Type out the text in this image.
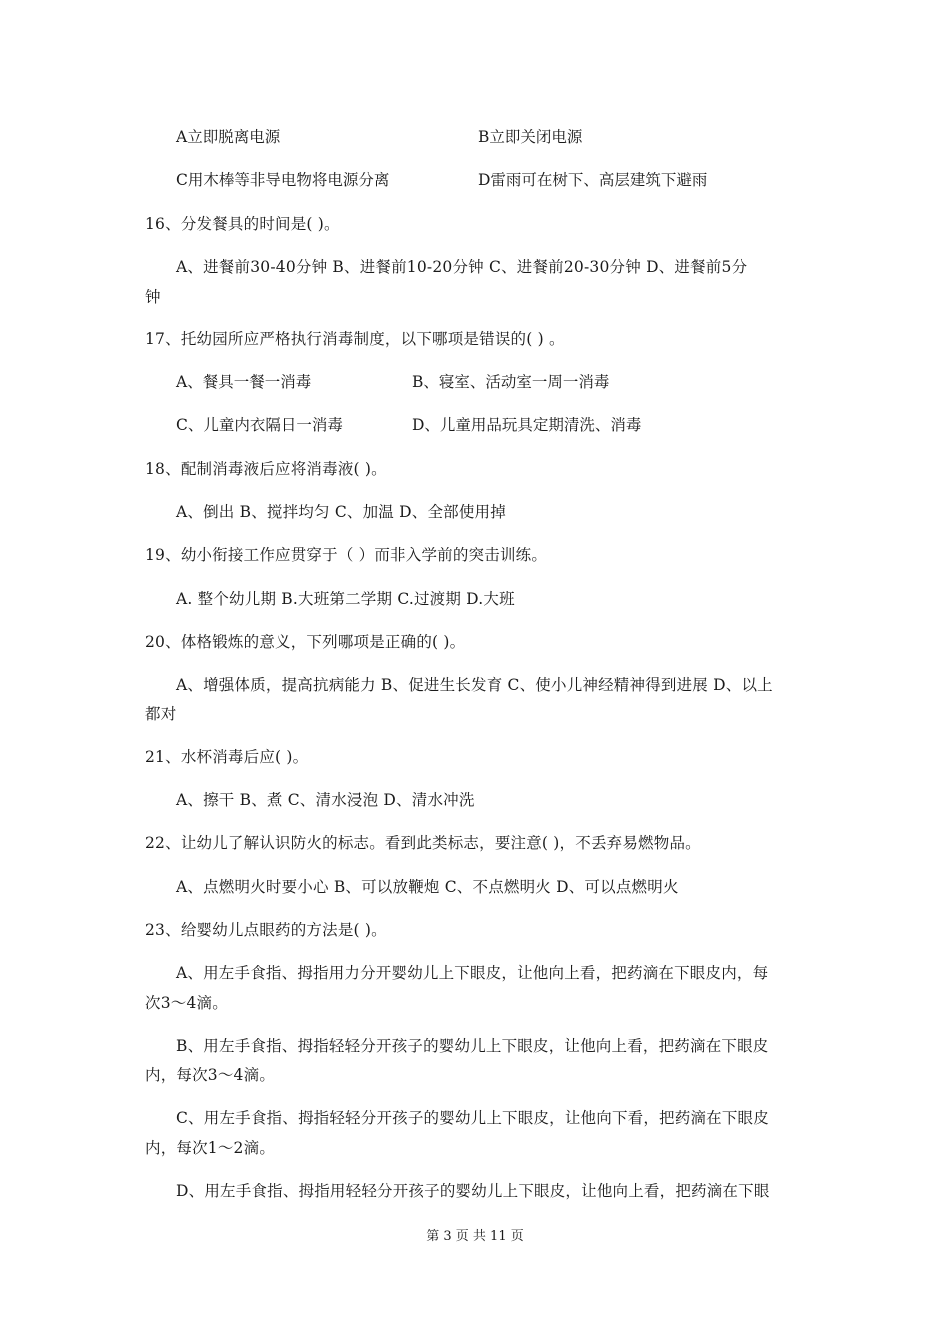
A立即脱离电源	B立即关闭电源
C用木棒等非导电物将电源分离	D雷雨可在树下、高层建筑下避雨
16、分发餐具的时间是( )。
A、进餐前30-40分钟 B、进餐前10-20分钟 C、进餐前20-30分钟 D、进餐前5分
钟
17、托幼园所应严格执行消毒制度，以下哪项是错误的( ) 。
A、餐具一餐一消毒	B、寝室、活动室一周一消毒
C、儿童内衣隔日一消毒	D、儿童用品玩具定期清洗、消毒
18、配制消毒液后应将消毒液( )。
A、倒出 B、搅拌均匀 C、加温 D、全部使用掉
19、幼小衔接工作应贯穿于（ ）而非入学前的突击训练。
A. 整个幼儿期 B.大班第二学期 C.过渡期 D.大班
20、体格锻炼的意义，下列哪项是正确的( )。
A、增强体质，提高抗病能力 B、促进生长发育 C、使小儿神经精神得到进展 D、以上
都对
21、水杯消毒后应( )。
A、擦干 B、煮 C、清水浸泡 D、清水冲洗
22、让幼儿了解认识防火的标志。看到此类标志，要注意( )，不丢弃易燃物品。
A、点燃明火时要小心 B、可以放鞭炮 C、不点燃明火 D、可以点燃明火
23、给婴幼儿点眼药的方法是( )。
A、用左手食指、拇指用力分开婴幼儿上下眼皮，让他向上看，把药滴在下眼皮内，每
次3～4滴。
B、用左手食指、拇指轻轻分开孩子的婴幼儿上下眼皮，让他向上看，把药滴在下眼皮
内，每次3～4滴。
C、用左手食指、拇指轻轻分开孩子的婴幼儿上下眼皮，让他向下看，把药滴在下眼皮
内，每次1～2滴。
D、用左手食指、拇指用轻轻分开孩子的婴幼儿上下眼皮，让他向上看，把药滴在下眼
第 3 页 共 11 页
